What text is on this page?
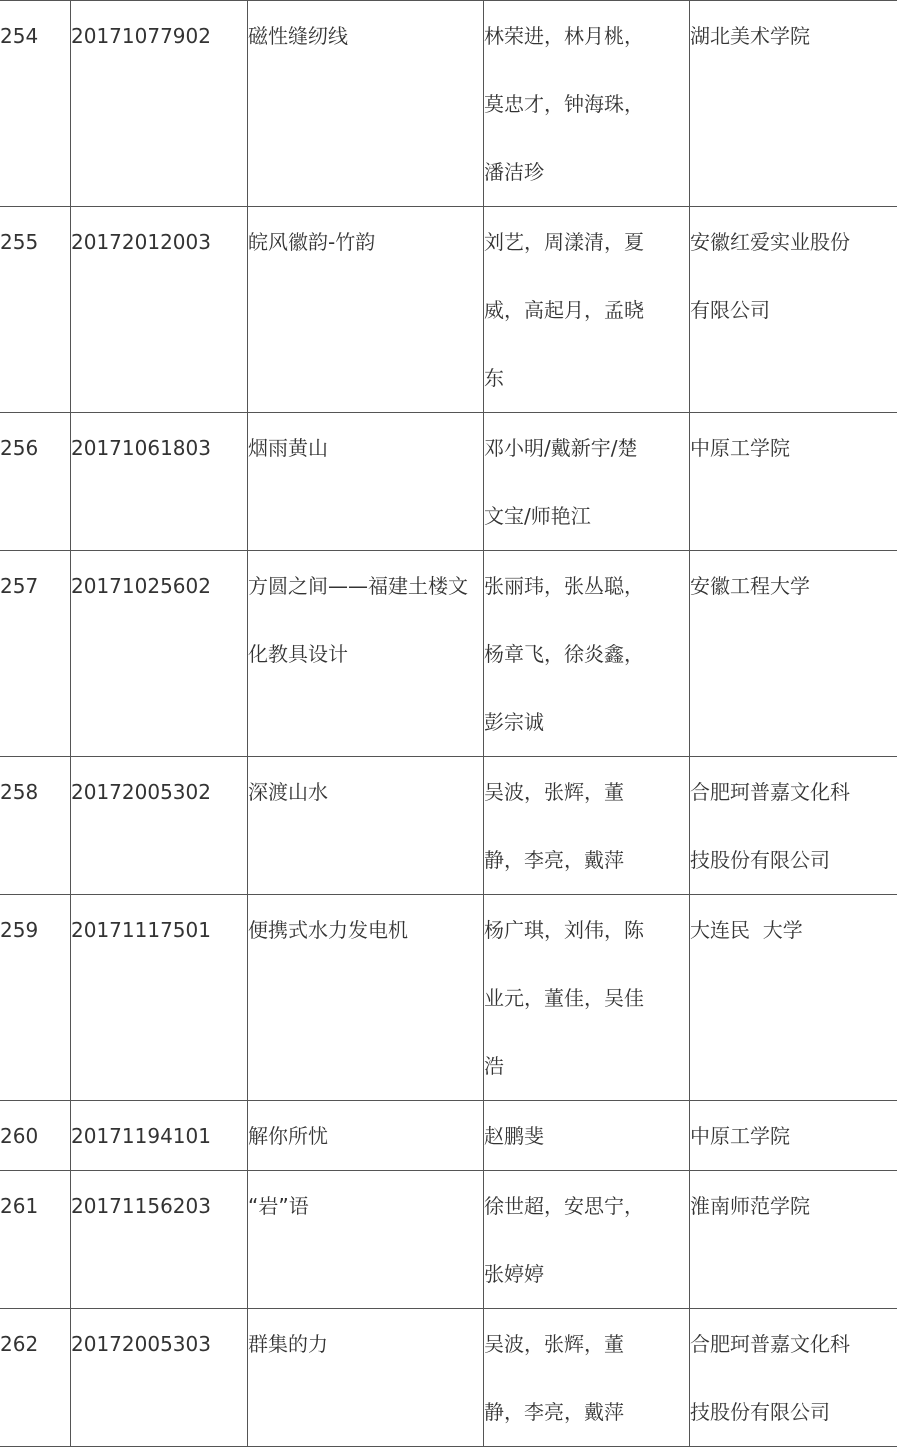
254	20171077902	磁性缝纫线	林荣进，林月桃，
莫忠才，钟海珠，
潘洁珍	湖北美术学院

255	20172012003	皖风徽韵-竹韵	刘艺，周漾清，夏
威，高起月，孟晓
东	安徽红爱实业股份
有限公司

256	20171061803	烟雨黄山	邓小明/戴新宇/楚
文宝/师艳江	中原工学院

257	20171025602	方圆之间——福建土楼文化教具设计	张丽玮，张丛聪，
杨章飞，徐炎鑫，
彭宗诚	安徽工程大学

258	20172005302	深渡山水	吴波，张辉，董
静，李亮，戴萍	合肥珂普嘉文化科
技股份有限公司

259	20171117501	便携式水力发电机	杨广琪，刘伟，陈
业元，董佳，吴佳
浩	大连民  大学

260	20171194101	解你所忧	赵鹏斐	中原工学院

261	20171156203	“岩”语	徐世超，安思宁，
张婷婷	淮南师范学院

262	20172005303	群集的力	吴波，张辉，董
静，李亮，戴萍	合肥珂普嘉文化科
技股份有限公司
